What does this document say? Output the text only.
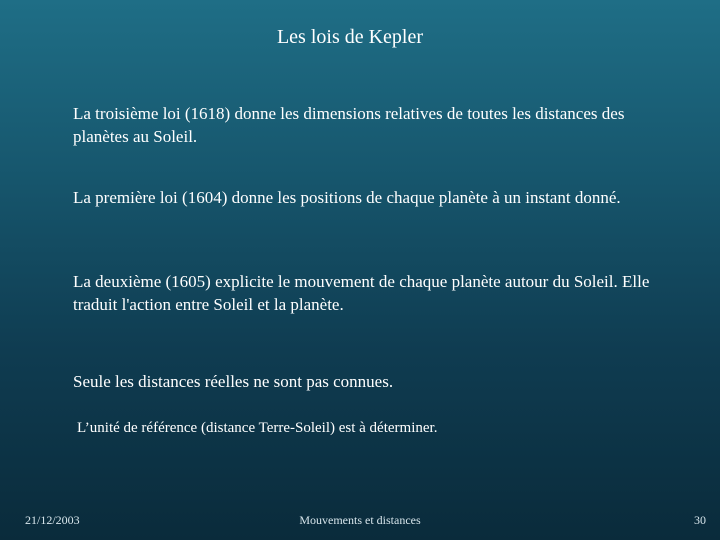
Les lois de Kepler
La troisième loi (1618) donne les dimensions relatives de toutes les distances des planètes au Soleil.
La première loi (1604) donne les positions de chaque planète à un instant donné.
La deuxième (1605) explicite le mouvement de chaque planète autour du Soleil. Elle traduit l'action entre Soleil et la planète.
Seule les distances réelles ne sont pas connues.
L’unité de référence (distance Terre-Soleil) est à déterminer.
21/12/2003	Mouvements et distances	30
